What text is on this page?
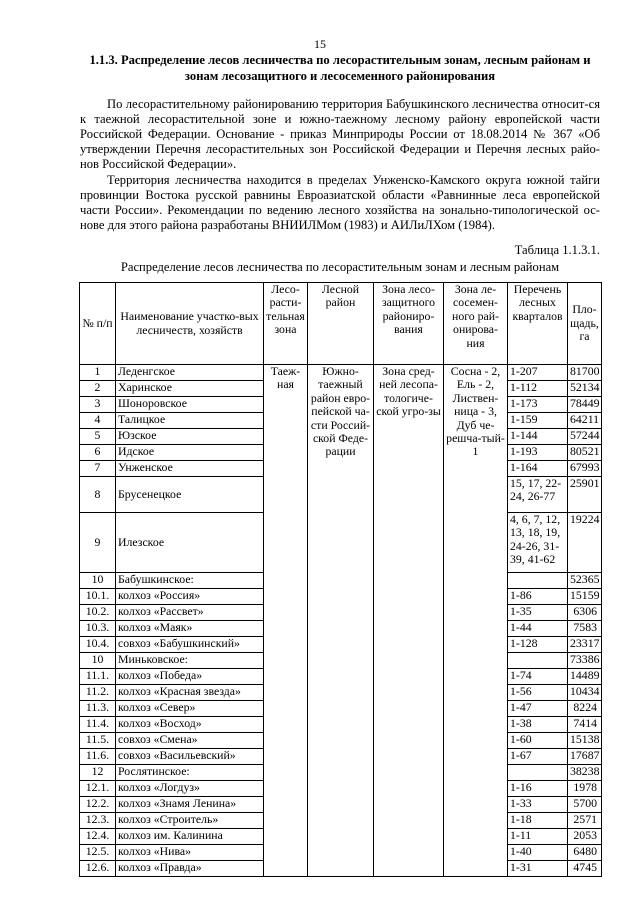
15
1.1.3. Распределение лесов лесничества по лесорастительным зонам, лесным районам и
зонам лесозащитного и лесосеменного районирования

По лесорастительному районированию территория Бабушкинского лесничества относит-ся к таежной лесорастительной зоне и южно-таежному лесному району европейской части Российской Федерации. Основание - приказ Минприроды России от 18.08.2014 № 367 «Об утверждении Перечня лесорастительных зон Российской Федерации и Перечня лесных райо-нов Российской Федерации».

Территория лесничества находится в пределах Унженско-Камского округа южной тайги провинции Востока русской равнины Евроазиатской области «Равнинные леса европейской части России». Рекомендации по ведению лесного хозяйства на зонально-типологической ос-нове для этого района разработаны ВНИИЛМом (1983) и АИЛиЛХом (1984).

Таблица 1.1.3.1.
Распределение лесов лесничества по лесорастительным зонам и лесным районам
№ п/п	Наименование участко-вых лесничеств, хозяйств	Лесо-расти-тельная зона	Лесной район	Зона лесо-защитного райониро-вания	Зона ле-сосемен-ного рай-онирова-ния	Перечень лесных кварталов	Пло-щадь, га
1	Леденгское	Таеж-ная	Южно-таежный район евро-пейской ча-сти Россий-ской Феде-рации	Зона сред-ней лесопа-тологиче-ской угро-зы	Сосна - 2, Ель - 2, Листвен-ница - 3, Дуб че-решча-тый- 1	1-207	81700
2	Харинское					1-112	52134
3	Шоноровское					1-173	78449
4	Талицкое					1-159	64211
5	Юзское					1-144	57244
6	Идское					1-193	80521
7	Унженское					1-164	67993
8	Брусенецкое					15, 17, 22-24, 26-77	25901
9	Илезское					4, 6, 7, 12, 13, 18, 19, 24-26, 31-39, 41-62	19224
10	Бабушкинское:						52365
10.1.	колхоз «Россия»					1-86	15159
10.2.	колхоз «Рассвет»					1-35	6306
10.3.	колхоз «Маяк»					1-44	7583
10.4.	совхоз «Бабушкинский»					1-128	23317
10	Миньковское:						73386
11.1.	колхоз «Победа»					1-74	14489
11.2.	колхоз «Красная звезда»					1-56	10434
11.3.	колхоз «Север»					1-47	8224
11.4.	колхоз «Восход»					1-38	7414
11.5.	совхоз «Смена»					1-60	15138
11.6.	совхоз «Васильевский»					1-67	17687
12	Рослятинское:						38238
12.1.	колхоз «Логдуз»					1-16	1978
12.2.	колхоз «Знамя Ленина»					1-33	5700
12.3.	колхоз «Строитель»					1-18	2571
12.4.	колхоз им. Калинина					1-11	2053
12.5.	колхоз «Нива»					1-40	6480
12.6.	колхоз «Правда»					1-31	4745
